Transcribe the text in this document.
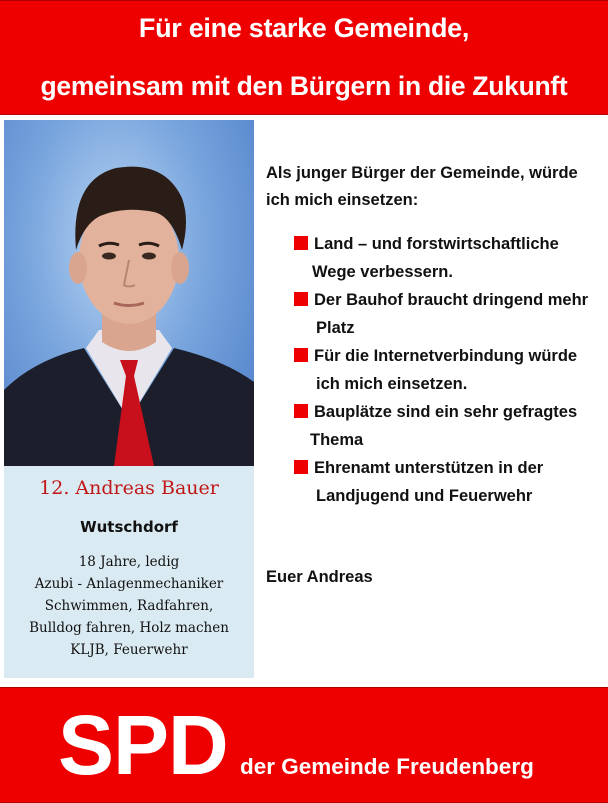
Für eine starke Gemeinde,
gemeinsam mit den Bürgern in die Zukunft
12. Andreas Bauer
Wutschdorf
18 Jahre, ledig
Azubi - Anlagenmechaniker
Schwimmen, Radfahren,
Bulldog fahren, Holz machen
KLJB, Feuerwehr
Als junger Bürger der Gemeinde, würde
ich mich einsetzen:
Land – und forstwirtschaftliche
Wege verbessern.
Der Bauhof braucht dringend mehr
Platz
Für die Internetverbindung würde
ich mich einsetzen.
Bauplätze sind ein sehr gefragtes
Thema
Ehrenamt unterstützen in der
Landjugend und Feuerwehr
Euer Andreas
SPD der Gemeinde Freudenberg
